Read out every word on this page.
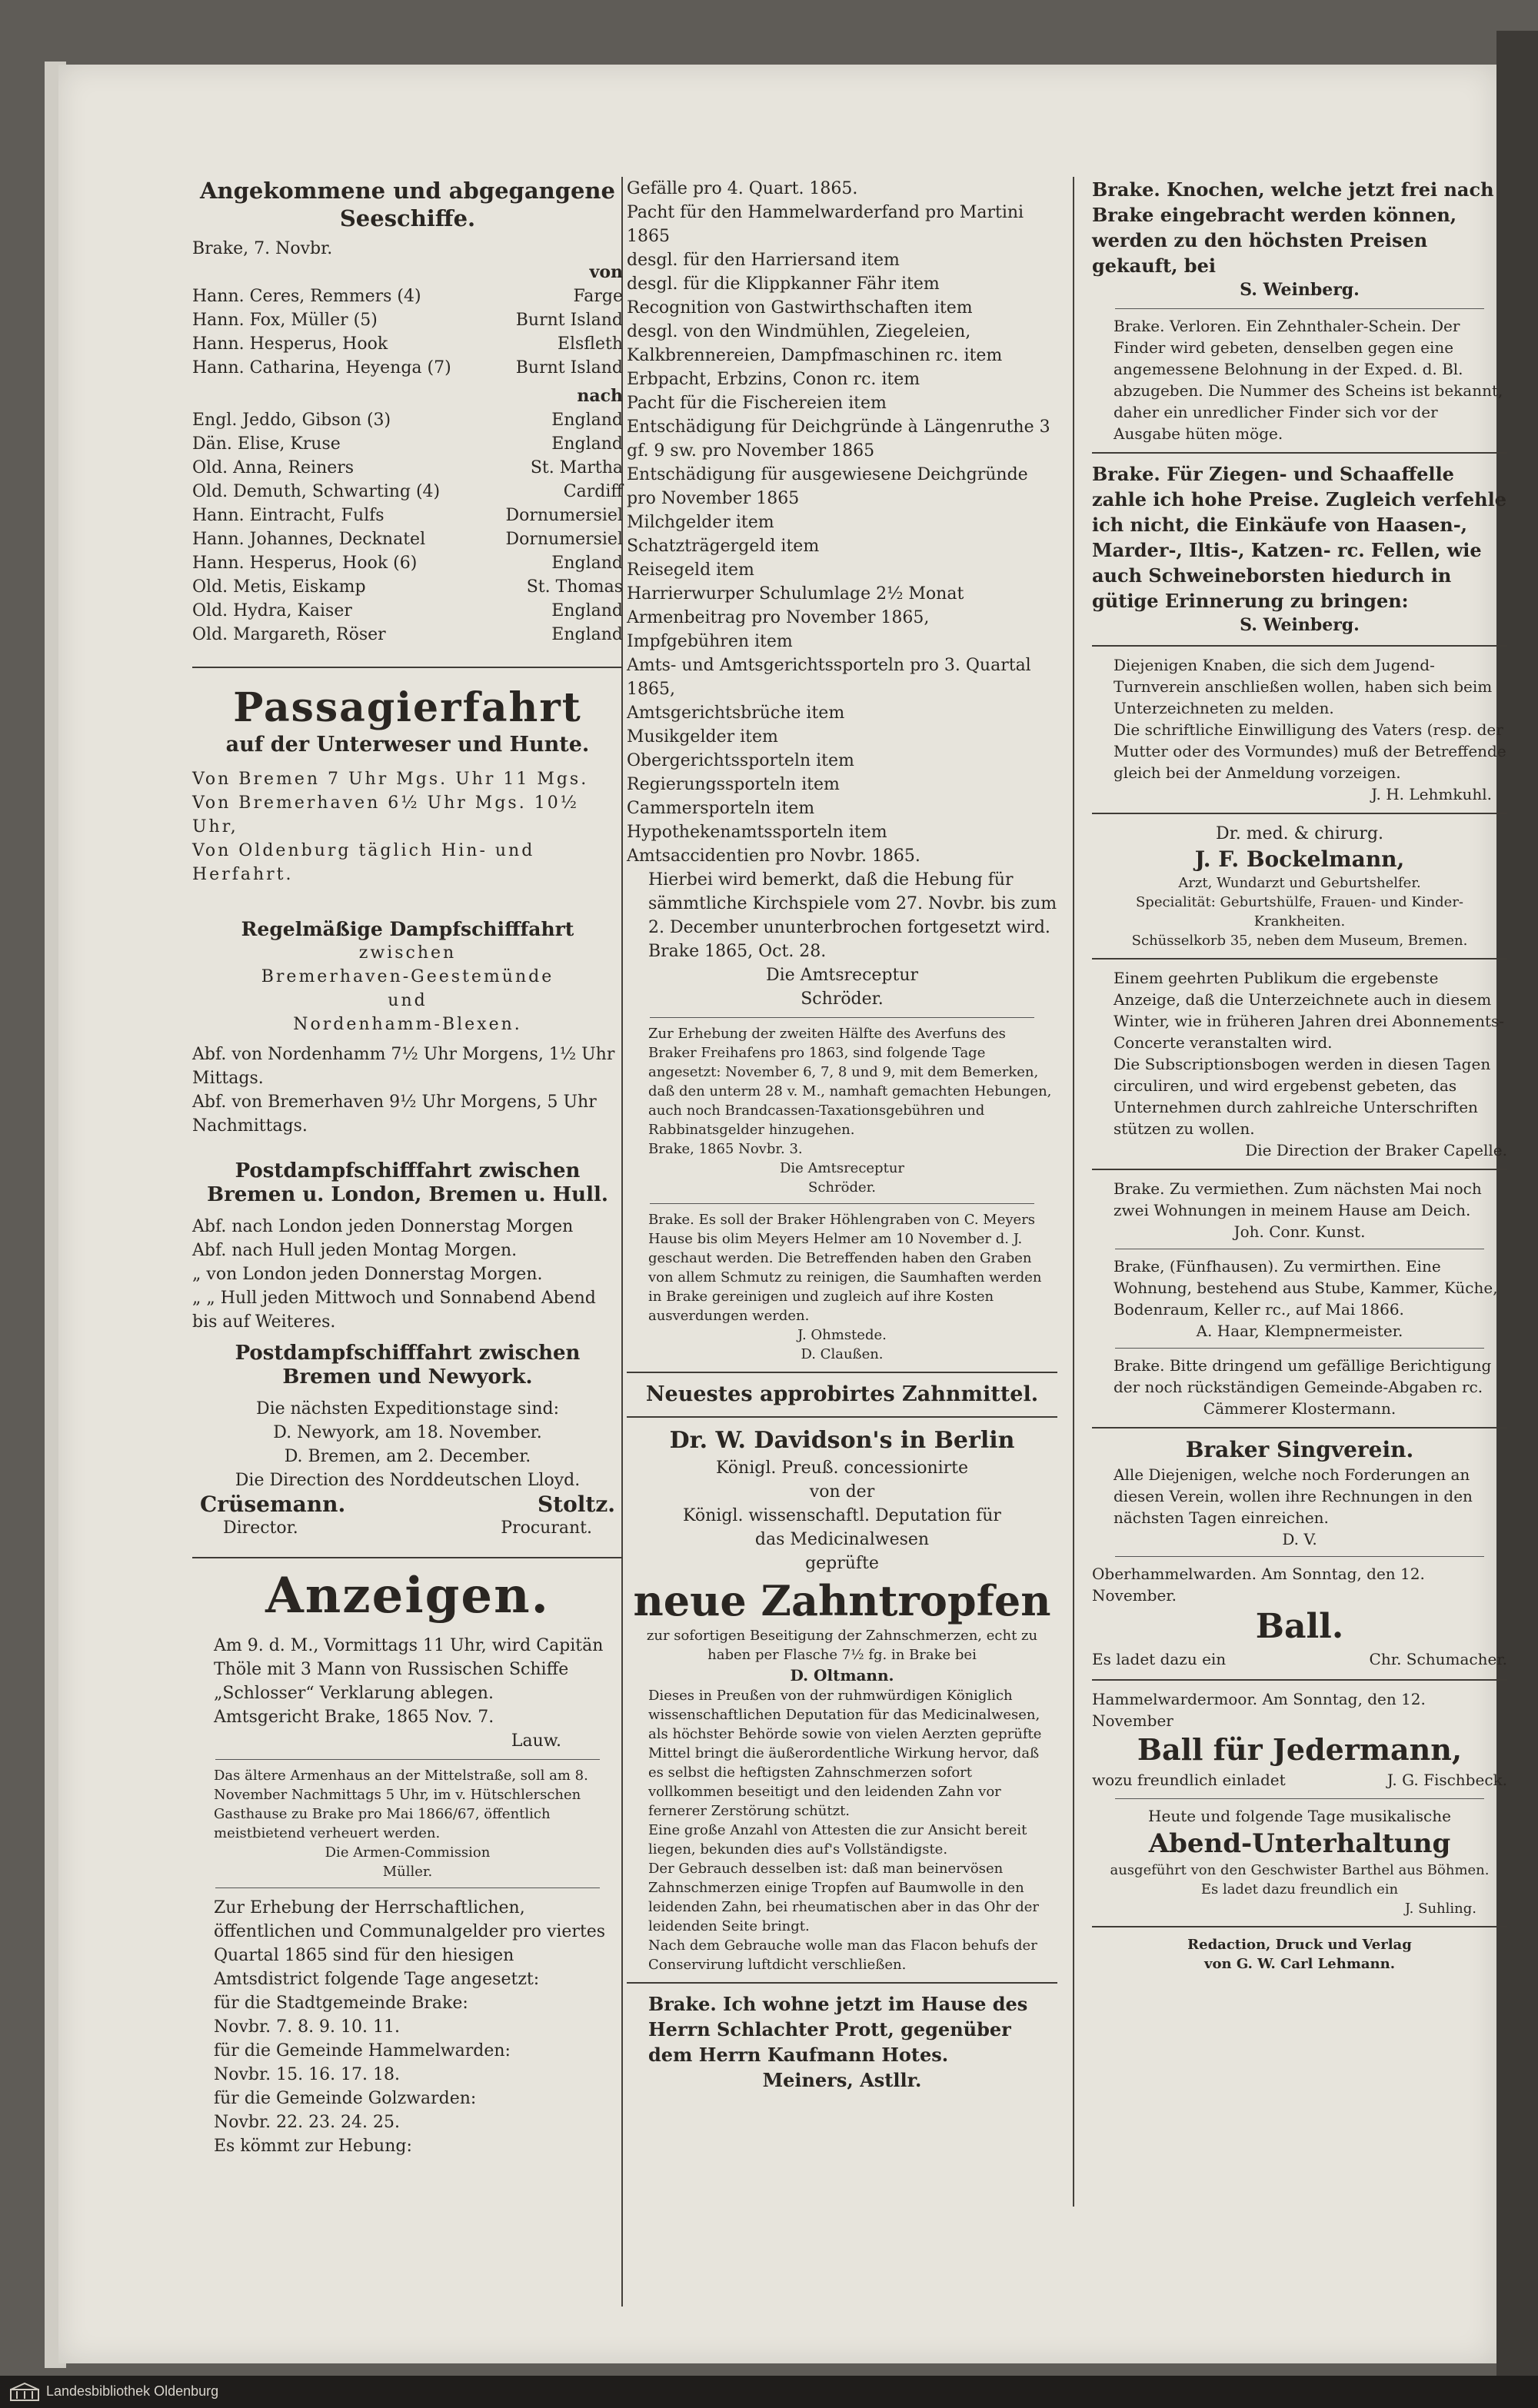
Angekommene und abgegangene Seeschiffe.

Brake, 7. Novbr.

von

Hann. Ceres, Remmers (4)	Farge
Hann. Fox, Müller (5)	Burnt Island
Hann. Hesperus, Hook	Elsfleth
Hann. Catharina, Heyenga (7)	Burnt Island

nach

Engl. Jeddo, Gibson (3)	England
Dän. Elise, Kruse	England
Old. Anna, Reiners	St. Martha
Old. Demuth, Schwarting (4)	Cardiff
Hann. Eintracht, Fulfs	Dornumersiel
Hann. Johannes, Decknatel	Dornumersiel
Hann. Hesperus, Hook (6)	England
Old. Metis, Eiskamp	St. Thomas
Old. Hydra, Kaiser	England
Old. Margareth, Röser	England

Passagierfahrt

auf der Unterweser und Hunte.

Von Bremen 7 Uhr Mgs. Uhr 11 Mgs.

Von Bremerhaven 6½ Uhr Mgs. 10½ Uhr,

Von Oldenburg täglich Hin- und Herfahrt.

Regelmäßige Dampfschifffahrt

zwischen

Bremerhaven-Geestemünde

und

Nordenhamm-Blexen.

Abf. von Nordenhamm 7½ Uhr Morgens, 1½ Uhr Mittags.

Abf. von Bremerhaven 9½ Uhr Morgens, 5 Uhr Nachmittags.

Postdampfschifffahrt zwischen Bremen u. London, Bremen u. Hull.

Abf. nach London jeden Donnerstag Morgen

Abf. nach Hull jeden Montag Morgen.

„ von London jeden Donnerstag Morgen.

„ „ Hull jeden Mittwoch und Sonnabend Abend bis auf Weiteres.

Postdampfschifffahrt zwischen Bremen und Newyork.

Die nächsten Expeditionstage sind:

D. Newyork, am 18. November.

D. Bremen, am 2. December.

Die Direction des Norddeutschen Lloyd.

Crüsemann.	Stoltz.
Director.	Procurant.

Anzeigen.

Am 9. d. M., Vormittags 11 Uhr, wird Capitän Thöle mit 3 Mann von Russischen Schiffe „Schlosser“ Verklarung ablegen.

Amtsgericht Brake, 1865 Nov. 7.

Lauw.

Das ältere Armenhaus an der Mittelstraße, soll am 8. November Nachmittags 5 Uhr, im v. Hütschlerschen Gasthause zu Brake pro Mai 1866/67, öffentlich meistbietend verheuert werden.

Die Armen-Commission

Müller.

Zur Erhebung der Herrschaftlichen, öffentlichen und Communalgelder pro viertes Quartal 1865 sind für den hiesigen Amtsdistrict folgende Tage angesetzt:

für die Stadtgemeinde Brake:

Novbr. 7. 8. 9. 10. 11.

für die Gemeinde Hammelwarden:

Novbr. 15. 16. 17. 18.

für die Gemeinde Golzwarden:

Novbr. 22. 23. 24. 25.

Es kömmt zur Hebung:

Gefälle pro 4. Quart. 1865.

Pacht für den Hammelwarderfand pro Martini 1865

desgl. für den Harriersand item

desgl. für die Klippkanner Fähr item

Recognition von Gastwirthschaften item

desgl. von den Windmühlen, Ziegeleien, Kalkbrennereien, Dampfmaschinen rc. item

Erbpacht, Erbzins, Conon rc. item

Pacht für die Fischereien item

Entschädigung für Deichgründe à Längenruthe 3 gf. 9 sw. pro November 1865

Entschädigung für ausgewiesene Deichgründe pro November 1865

Milchgelder item

Schatzträgergeld item

Reisegeld item

Harrierwurper Schulumlage 2½ Monat

Armenbeitrag pro November 1865,

Impfgebühren item

Amts- und Amtsgerichtssporteln pro 3. Quartal 1865,

Amtsgerichtsbrüche item

Musikgelder item

Obergerichtssporteln item

Regierungssporteln item

Cammersporteln item

Hypothekenamtssporteln item

Amtsaccidentien pro Novbr. 1865.

Hierbei wird bemerkt, daß die Hebung für sämmtliche Kirchspiele vom 27. Novbr. bis zum 2. December ununterbrochen fortgesetzt wird.

Brake 1865, Oct. 28.

Die Amtsreceptur

Schröder.

Zur Erhebung der zweiten Hälfte des Averfuns des Braker Freihafens pro 1863, sind folgende Tage angesetzt: November 6, 7, 8 und 9, mit dem Bemerken, daß den unterm 28 v. M., namhaft gemachten Hebungen, auch noch Brandcassen-Taxationsgebühren und Rabbinatsgelder hinzugehen.

Brake, 1865 Novbr. 3.

Die Amtsreceptur

Schröder.

Brake. Es soll der Braker Höhlengraben von C. Meyers Hause bis olim Meyers Helmer am 10 November d. J. geschaut werden. Die Betreffenden haben den Graben von allem Schmutz zu reinigen, die Saumhaften werden in Brake gereinigen und zugleich auf ihre Kosten ausverdungen werden.

J. Ohmstede.

D. Claußen.

Neuestes approbirtes Zahnmittel.

Dr. W. Davidson's in Berlin

Königl. Preuß. concessionirte

von der

Königl. wissenschaftl. Deputation für

das Medicinalwesen

geprüfte

neue Zahntropfen

zur sofortigen Beseitigung der Zahnschmerzen, echt zu haben per Flasche 7½ fg. in Brake bei

D. Oltmann.

Dieses in Preußen von der ruhmwürdigen Königlich wissenschaftlichen Deputation für das Medicinalwesen, als höchster Behörde sowie von vielen Aerzten geprüfte Mittel bringt die äußerordentliche Wirkung hervor, daß es selbst die heftigsten Zahnschmerzen sofort vollkommen beseitigt und den leidenden Zahn vor fernerer Zerstörung schützt.

Eine große Anzahl von Attesten die zur Ansicht bereit liegen, bekunden dies auf's Vollständigste.

Der Gebrauch desselben ist: daß man beinervösen Zahnschmerzen einige Tropfen auf Baumwolle in den leidenden Zahn, bei rheumatischen aber in das Ohr der leidenden Seite bringt.

Nach dem Gebrauche wolle man das Flacon behufs der Conservirung luftdicht verschließen.

Brake. Ich wohne jetzt im Hause des Herrn Schlachter Prott, gegenüber dem Herrn Kaufmann Hotes.

Meiners, Astllr.

Brake. Knochen, welche jetzt frei nach Brake eingebracht werden können, werden zu den höchsten Preisen gekauft, bei

S. Weinberg.

Brake. Verloren. Ein Zehnthaler-Schein. Der Finder wird gebeten, denselben gegen eine angemessene Belohnung in der Exped. d. Bl. abzugeben. Die Nummer des Scheins ist bekannt, daher ein unredlicher Finder sich vor der Ausgabe hüten möge.

Brake. Für Ziegen- und Schaaffelle zahle ich hohe Preise. Zugleich verfehle ich nicht, die Einkäufe von Haasen-, Marder-, Iltis-, Katzen- rc. Fellen, wie auch Schweineborsten hiedurch in gütige Erinnerung zu bringen:

S. Weinberg.

Diejenigen Knaben, die sich dem Jugend-Turnverein anschließen wollen, haben sich beim Unterzeichneten zu melden.

Die schriftliche Einwilligung des Vaters (resp. der Mutter oder des Vormundes) muß der Betreffende gleich bei der Anmeldung vorzeigen.

J. H. Lehmkuhl.

Dr. med. & chirurg.

J. F. Bockelmann,

Arzt, Wundarzt und Geburtshelfer.

Specialität: Geburtshülfe, Frauen- und Kinder-Krankheiten.

Schüsselkorb 35, neben dem Museum, Bremen.

Einem geehrten Publikum die ergebenste Anzeige, daß die Unterzeichnete auch in diesem Winter, wie in früheren Jahren drei Abonnements-Concerte veranstalten wird.

Die Subscriptionsbogen werden in diesen Tagen circuliren, und wird ergebenst gebeten, das Unternehmen durch zahlreiche Unterschriften stützen zu wollen.

Die Direction der Braker Capelle.

Brake. Zu vermiethen. Zum nächsten Mai noch zwei Wohnungen in meinem Hause am Deich.

Joh. Conr. Kunst.

Brake, (Fünfhausen). Zu vermirthen. Eine Wohnung, bestehend aus Stube, Kammer, Küche, Bodenraum, Keller rc., auf Mai 1866.

A. Haar, Klempnermeister.

Brake. Bitte dringend um gefällige Berichtigung der noch rückständigen Gemeinde-Abgaben rc.

Cämmerer Klostermann.

Braker Singverein.

Alle Diejenigen, welche noch Forderungen an diesen Verein, wollen ihre Rechnungen in den nächsten Tagen einreichen.

D. V.

Oberhammelwarden. Am Sonntag, den 12. November.

Ball.

Es ladet dazu ein	Chr. Schumacher.

Hammelwardermoor. Am Sonntag, den 12. November

Ball für Jedermann,

wozu freundlich einladet	J. G. Fischbeck.

Heute und folgende Tage musikalische

Abend-Unterhaltung

ausgeführt von den Geschwister Barthel aus Böhmen.

Es ladet dazu freundlich ein

J. Suhling.

Redaction, Druck und Verlag

von G. W. Carl Lehmann.

Landesbibliothek Oldenburg
